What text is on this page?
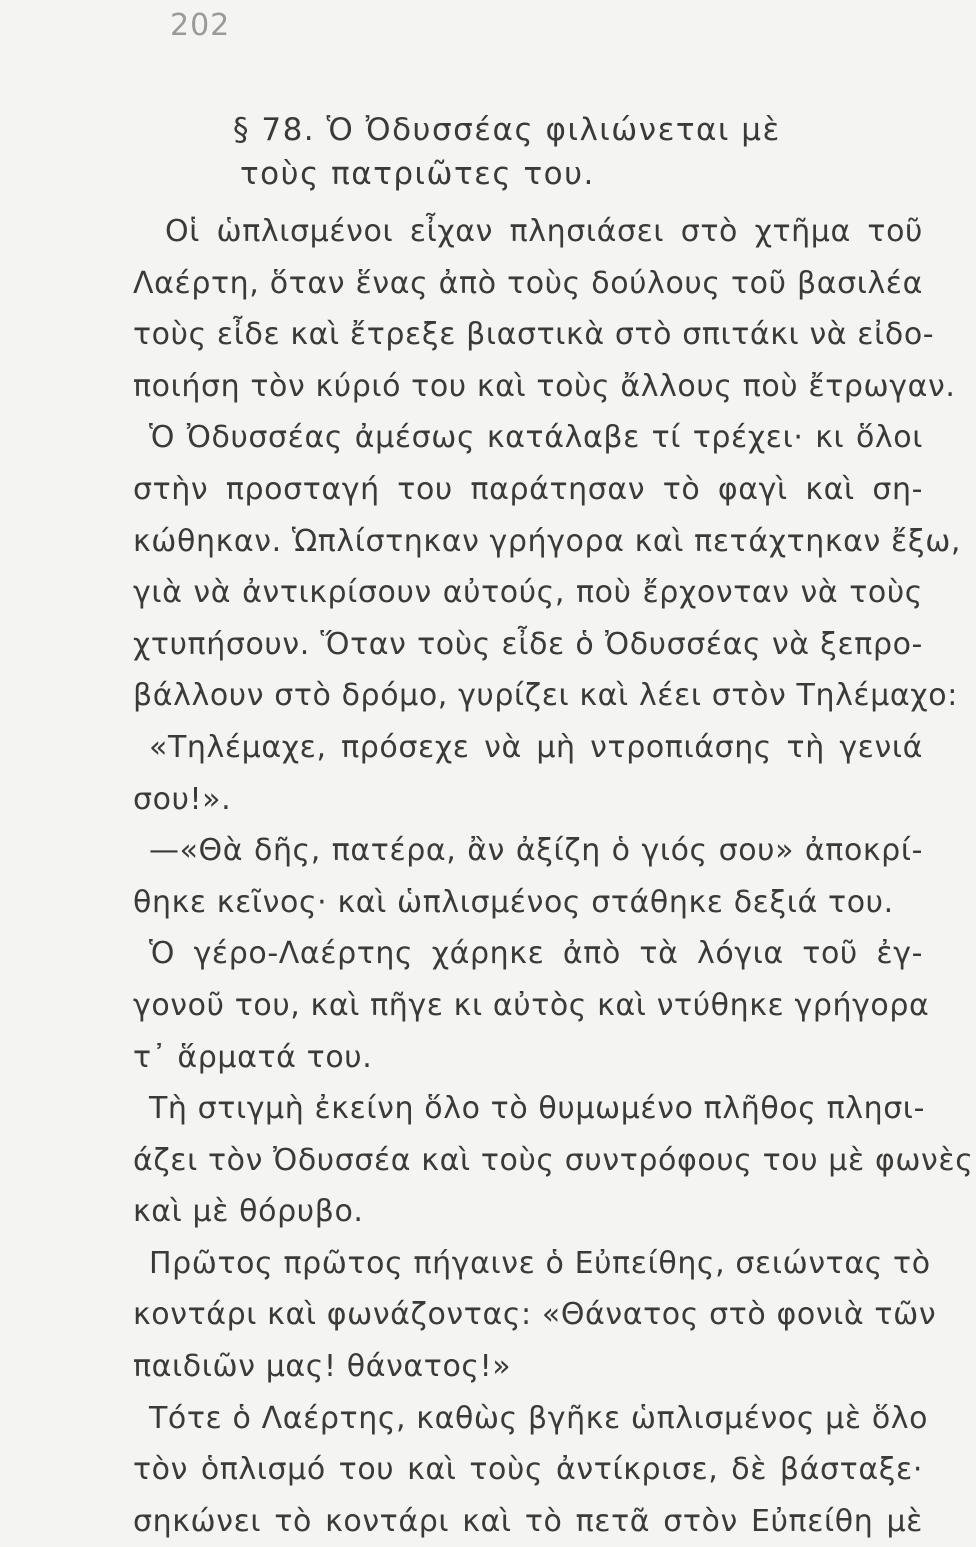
202
§ 78. Ὁ Ὀδυσσέας φιλιώνεται μὲ
τοὺς πατριῶτες του.
Οἱ ὡπλισμένοι εἶχαν πλησιάσει στὸ χτῆμα τοῦ
Λαέρτη, ὅταν ἕνας ἀπὸ τοὺς δούλους τοῦ βασιλέα
τοὺς εἶδε καὶ ἔτρεξε βιαστικὰ στὸ σπιτάκι νὰ εἰδο-
ποιήση τὸν κύριό του καὶ τοὺς ἄλλους ποὺ ἔτρωγαν.
Ὁ Ὀδυσσέας ἀμέσως κατάλαβε τί τρέχει· κι ὅλοι
στὴν προσταγή του παράτησαν τὸ φαγὶ καὶ ση-
κώθηκαν. Ὡπλίστηκαν γρήγορα καὶ πετάχτηκαν ἔξω,
γιὰ νὰ ἀντικρίσουν αὐτούς, ποὺ ἔρχονταν νὰ τοὺς
χτυπήσουν. Ὅταν τοὺς εἶδε ὁ Ὀδυσσέας νὰ ξεπρο-
βάλλουν στὸ δρόμο, γυρίζει καὶ λέει στὸν Τηλέμαχο:
«Τηλέμαχε, πρόσεχε νὰ μὴ ντροπιάσης τὴ γενιά
σου!».
—«Θὰ δῆς, πατέρα, ἂν ἀξίζη ὁ γιός σου» ἀποκρί-
θηκε κεῖνος· καὶ ὡπλισμένος στάθηκε δεξιά του.
Ὁ γέρο-Λαέρτης χάρηκε ἀπὸ τὰ λόγια τοῦ ἐγ-
γονοῦ του, καὶ πῆγε κι αὐτὸς καὶ ντύθηκε γρήγορα
τ᾽ ἅρματά του.
Τὴ στιγμὴ ἐκείνη ὅλο τὸ θυμωμένο πλῆθος πλησι-
άζει τὸν Ὀδυσσέα καὶ τοὺς συντρόφους του μὲ φωνὲς
καὶ μὲ θόρυβο.
Πρῶτος πρῶτος πήγαινε ὁ Εὐπείθης, σειώντας τὸ
κοντάρι καὶ φωνάζοντας: «Θάνατος στὸ φονιὰ τῶν
παιδιῶν μας! θάνατος!»
Τότε ὁ Λαέρτης, καθὼς βγῆκε ὡπλισμένος μὲ ὅλο
τὸν ὁπλισμό του καὶ τοὺς ἀντίκρισε, δὲ βάσταξε·
σηκώνει τὸ κοντάρι καὶ τὸ πετᾶ στὸν Εὐπείθη μὲ
